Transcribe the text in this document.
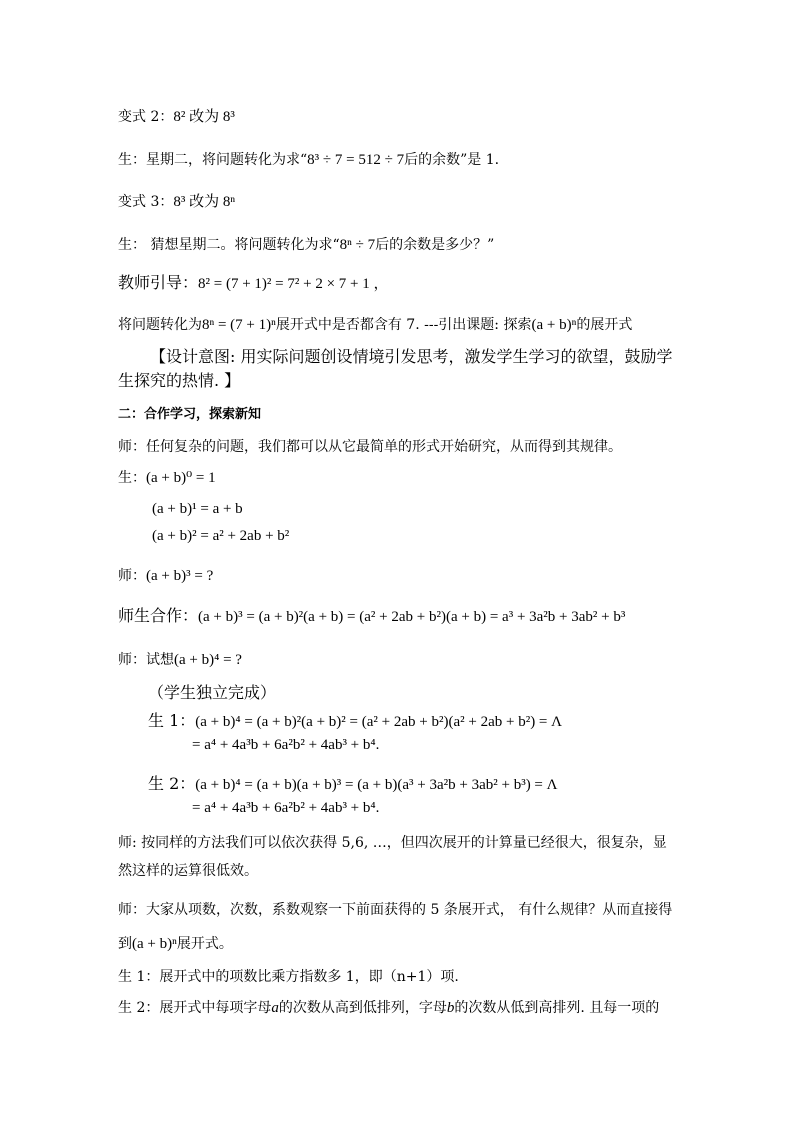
变式 2：8² 改为 8³
生：星期二，将问题转化为求“8³ ÷ 7 = 512 ÷ 7后的余数”是 1.
变式 3：8³ 改为 8ⁿ
生： 猜想星期二。将问题转化为求“8ⁿ ÷ 7后的余数是多少？”
教师引导：8² = (7 + 1)² = 7² + 2 × 7 + 1 ，
将问题转化为8ⁿ = (7 + 1)ⁿ展开式中是否都含有 7. ---引出课题: 探索(a + b)ⁿ的展开式
【设计意图: 用实际问题创设情境引发思考，激发学生学习的欲望，鼓励学生探究的热情. 】
二：合作学习，探索新知
师：任何复杂的问题，我们都可以从它最简单的形式开始研究，从而得到其规律。
生：(a + b)⁰ = 1
(a + b)¹ = a + b
(a + b)² = a² + 2ab + b²
师：(a + b)³ = ?
师生合作：(a + b)³ = (a + b)²(a + b) = (a² + 2ab + b²)(a + b) = a³ + 3a²b + 3ab² + b³
师：试想(a + b)⁴ = ?
（学生独立完成）
生 1：(a + b)⁴ = (a + b)²(a + b)² = (a² + 2ab + b²)(a² + 2ab + b²) = Λ
= a⁴ + 4a³b + 6a²b² + 4ab³ + b⁴.
生 2：(a + b)⁴ = (a + b)(a + b)³ = (a + b)(a³ + 3a²b + 3ab² + b³) = Λ
= a⁴ + 4a³b + 6a²b² + 4ab³ + b⁴.
师: 按同样的方法我们可以依次获得 5,6, …，但四次展开的计算量已经很大，很复杂，显然这样的运算很低效。
师：大家从项数，次数，系数观察一下前面获得的 5 条展开式， 有什么规律？从而直接得到(a + b)ⁿ展开式。
生 1：展开式中的项数比乘方指数多 1，即（n+1）项.
生 2：展开式中每项字母a的次数从高到低排列，字母b的次数从低到高排列. 且每一项的
